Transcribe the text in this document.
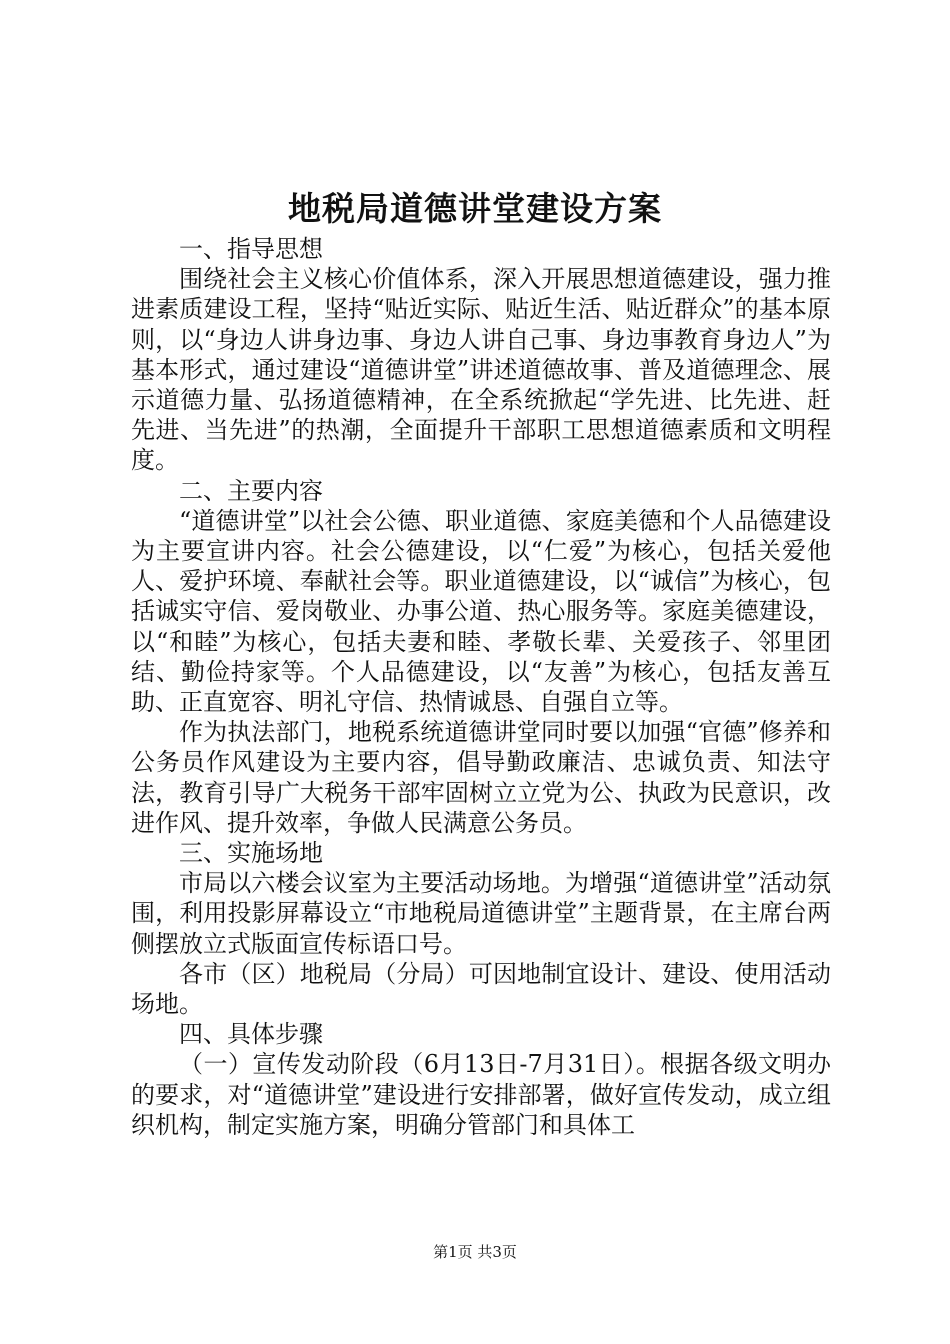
地税局道德讲堂建设方案

一、指导思想

围绕社会主义核心价值体系，深入开展思想道德建设，强力推进素质建设工程，坚持“贴近实际、贴近生活、贴近群众”的基本原则，以“身边人讲身边事、身边人讲自己事、身边事教育身边人”为基本形式，通过建设“道德讲堂”讲述道德故事、普及道德理念、展示道德力量、弘扬道德精神，在全系统掀起“学先进、比先进、赶先进、当先进”的热潮，全面提升干部职工思想道德素质和文明程度。

二、主要内容

“道德讲堂”以社会公德、职业道德、家庭美德和个人品德建设为主要宣讲内容。社会公德建设，以“仁爱”为核心，包括关爱他人、爱护环境、奉献社会等。职业道德建设，以“诚信”为核心，包括诚实守信、爱岗敬业、办事公道、热心服务等。家庭美德建设，以“和睦”为核心，包括夫妻和睦、孝敬长辈、关爱孩子、邻里团结、勤俭持家等。个人品德建设，以“友善”为核心，包括友善互助、正直宽容、明礼守信、热情诚恳、自强自立等。

作为执法部门，地税系统道德讲堂同时要以加强“官德”修养和公务员作风建设为主要内容，倡导勤政廉洁、忠诚负责、知法守法，教育引导广大税务干部牢固树立立党为公、执政为民意识，改进作风、提升效率，争做人民满意公务员。

三、实施场地

市局以六楼会议室为主要活动场地。为增强“道德讲堂”活动氛围，利用投影屏幕设立“市地税局道德讲堂”主题背景，在主席台两侧摆放立式版面宣传标语口号。

各市（区）地税局（分局）可因地制宜设计、建设、使用活动场地。

四、具体步骤

（一）宣传发动阶段（6月13日-7月31日）。根据各级文明办的要求，对“道德讲堂”建设进行安排部署，做好宣传发动，成立组织机构，制定实施方案，明确分管部门和具体工

第1页 共3页
